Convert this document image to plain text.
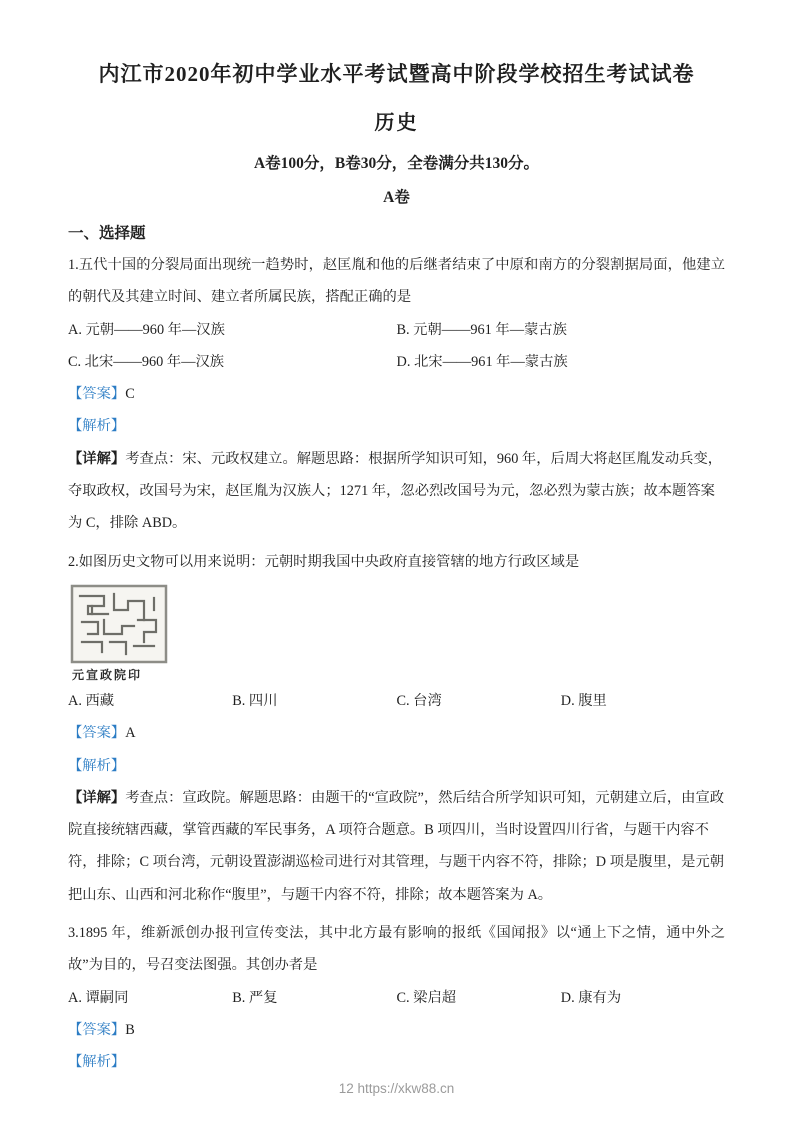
内江市2020年初中学业水平考试暨高中阶段学校招生考试试卷
历史
A卷100分，B卷30分，全卷满分共130分。
A卷
一、选择题

1.五代十国的分裂局面出现统一趋势时，赵匡胤和他的后继者结束了中原和南方的分裂割据局面，他建立的朝代及其建立时间、建立者所属民族，搭配正确的是

A. 元朝——960 年—汉族	B. 元朝——961 年—蒙古族
C. 北宋——960 年—汉族	D. 北宋——961 年—蒙古族

【答案】C

【解析】

【详解】考查点：宋、元政权建立。解题思路：根据所学知识可知，960 年，后周大将赵匡胤发动兵变，夺取政权，改国号为宋，赵匡胤为汉族人；1271 年，忽必烈改国号为元，忽必烈为蒙古族；故本题答案为 C，排除 ABD。

2.如图历史文物可以用来说明：元朝时期我国中央政府直接管辖的地方行政区域是

元宣政院印
A. 西藏	B. 四川	C. 台湾	D. 腹里

【答案】A

【解析】

【详解】考查点：宣政院。解题思路：由题干的“宣政院”，然后结合所学知识可知，元朝建立后，由宣政院直接统辖西藏，掌管西藏的军民事务，A 项符合题意。B 项四川，当时设置四川行省，与题干内容不符，排除；C 项台湾，元朝设置澎湖巡检司进行对其管理，与题干内容不符，排除；D 项是腹里，是元朝把山东、山西和河北称作“腹里”，与题干内容不符，排除；故本题答案为 A。

3.1895 年，维新派创办报刊宣传变法，其中北方最有影响的报纸《国闻报》以“通上下之情，通中外之故”为目的，号召变法图强。其创办者是

A. 谭嗣同	B. 严复	C. 梁启超	D. 康有为

【答案】B

【解析】

12 https://xkw88.cn
